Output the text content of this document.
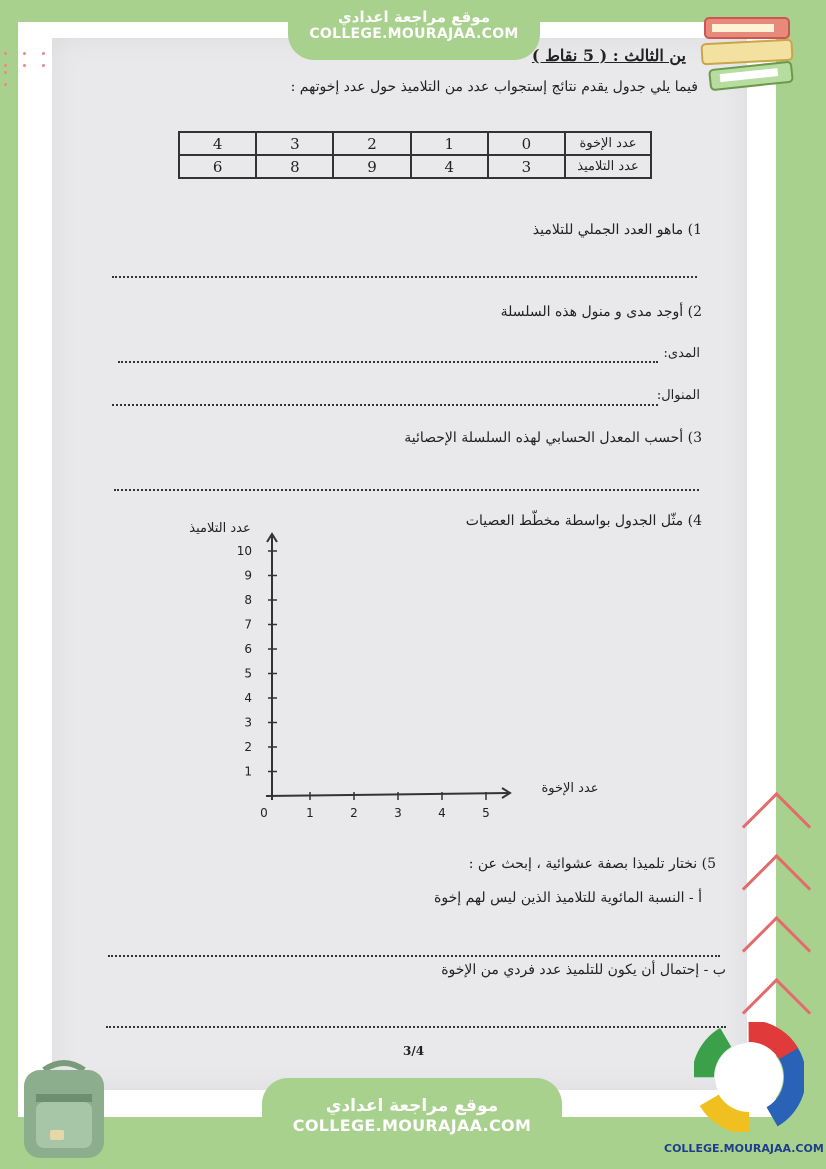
موقع مراجعة اعدادي
COLLEGE.MOURAJAA.COM
ين الثالث : ( 5 نقاط )
فيما يلي جدول يقدم نتائج إستجواب عدد من التلاميذ حول عدد إخوتهم :
عدد الإخوة	0	1	2	3	4
عدد التلاميذ	3	4	9	8	6
1) ماهو العدد الجملي للتلاميذ
2) أوجد مدى و منول هذه السلسلة
المدى:
المنوال:
3) أحسب المعدل الحسابي لهذه السلسلة الإحصائية
4) مثّل الجدول بواسطة مخطّط العصيات
عدد التلاميذ
عدد الإخوة
1
2
3
4
5
6
7
8
9
10
0	1	2	3	4	5
5) نختار تلميذا بصفة عشوائية ، إبحث عن :
أ - النسبة المائوية للتلاميذ الذين ليس لهم إخوة
ب - إحتمال أن يكون للتلميذ عدد فردي من الإخوة
3/4
موقع مراجعة اعدادي
COLLEGE.MOURAJAA.COM
COLLEGE.MOURAJAA.COM
